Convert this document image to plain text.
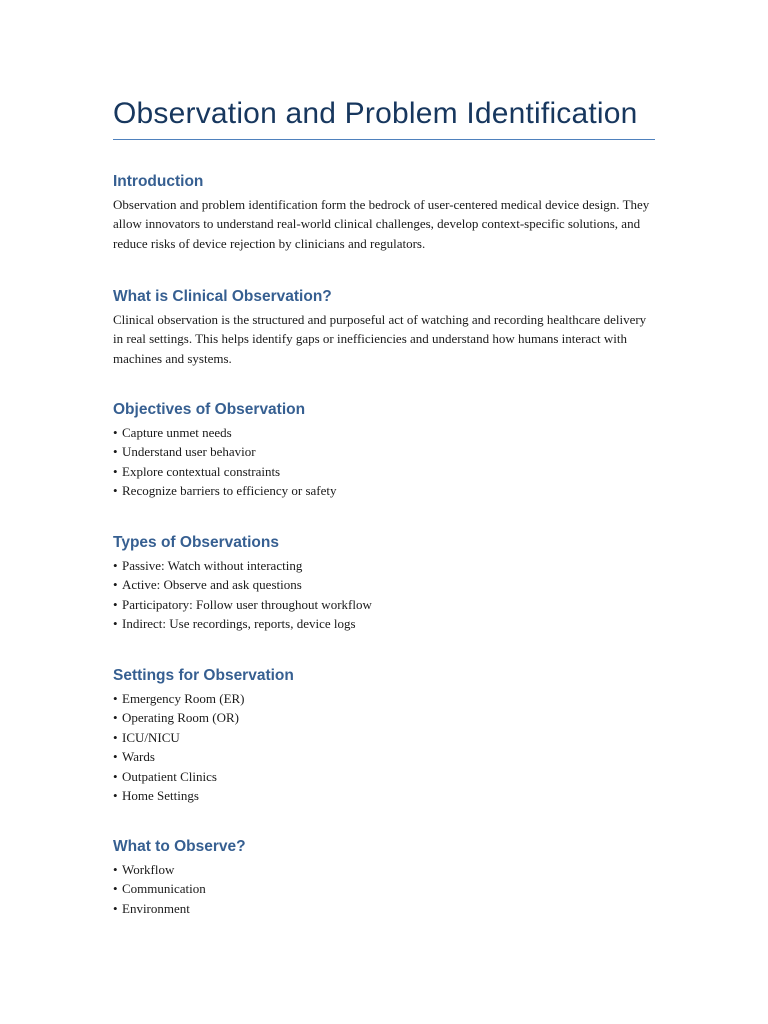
Observation and Problem Identification
Introduction

Observation and problem identification form the bedrock of user-centered medical device design. They allow innovators to understand real-world clinical challenges, develop context-specific solutions, and reduce risks of device rejection by clinicians and regulators.

What is Clinical Observation?

Clinical observation is the structured and purposeful act of watching and recording healthcare delivery in real settings. This helps identify gaps or inefficiencies and understand how humans interact with machines and systems.

Objectives of Observation
• Capture unmet needs
• Understand user behavior
• Explore contextual constraints
• Recognize barriers to efficiency or safety
Types of Observations
• Passive: Watch without interacting
• Active: Observe and ask questions
• Participatory: Follow user throughout workflow
• Indirect: Use recordings, reports, device logs
Settings for Observation
• Emergency Room (ER)
• Operating Room (OR)
• ICU/NICU
• Wards
• Outpatient Clinics
• Home Settings
What to Observe?
• Workflow
• Communication
• Environment
